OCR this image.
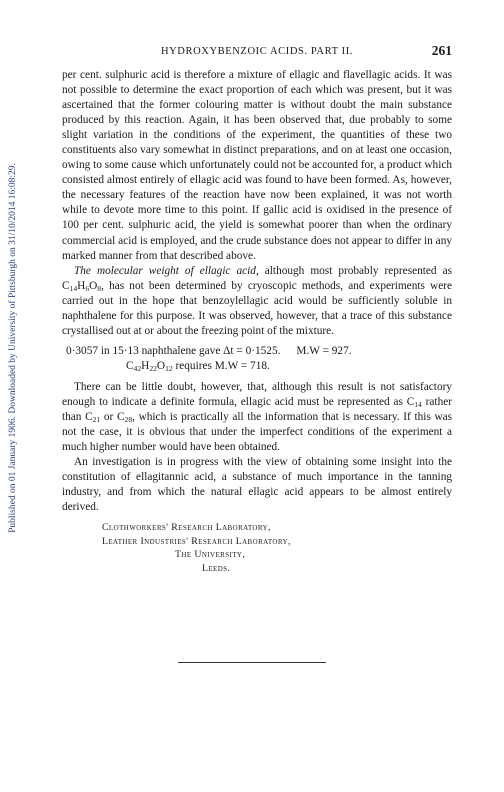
Published on 01 January 1906. Downloaded by University of Pittsburgh on 31/10/2014 16:08:29.
HYDROXYBENZOIC ACIDS. PART II.	261

per cent. sulphuric acid is therefore a mixture of ellagic and flavellagic acids. It was not possible to determine the exact proportion of each which was present, but it was ascertained that the former colouring matter is without doubt the main substance produced by this reaction. Again, it has been observed that, due probably to some slight variation in the conditions of the experiment, the quantities of these two constituents also vary somewhat in distinct preparations, and on at least one occasion, owing to some cause which unfortunately could not be accounted for, a product which consisted almost entirely of ellagic acid was found to have been formed. As, however, the necessary features of the reaction have now been explained, it was not worth while to devote more time to this point. If gallic acid is oxidised in the presence of 100 per cent. sulphuric acid, the yield is somewhat poorer than when the ordinary commercial acid is employed, and the crude substance does not appear to differ in any marked manner from that described above.

The molecular weight of ellagic acid, although most probably represented as $C_{14}H_6O_8$, has not been determined by cryoscopic methods, and experiments were carried out in the hope that benzoylellagic acid would be sufficiently soluble in naphthalene for this purpose. It was observed, however, that a trace of this substance crystallised out at or about the freezing point of the mixture.

0·3057 in 15·13 naphthalene gave Δt = 0·1525. M.W = 927.
$C_{42}H_{22}O_{12}$ requires M.W = 718.

There can be little doubt, however, that, although this result is not satisfactory enough to indicate a definite formula, ellagic acid must be represented as $C_{14}$ rather than $C_{21}$ or $C_{28}$, which is practically all the information that is necessary. If this was not the case, it is obvious that under the imperfect conditions of the experiment a much higher number would have been obtained.

An investigation is in progress with the view of obtaining some insight into the constitution of ellagitannic acid, a substance of much importance in the tanning industry, and from which the natural ellagic acid appears to be almost entirely derived.

Clothworkers' Research Laboratory,
Leather Industries' Research Laboratory,
The University,
Leeds.
